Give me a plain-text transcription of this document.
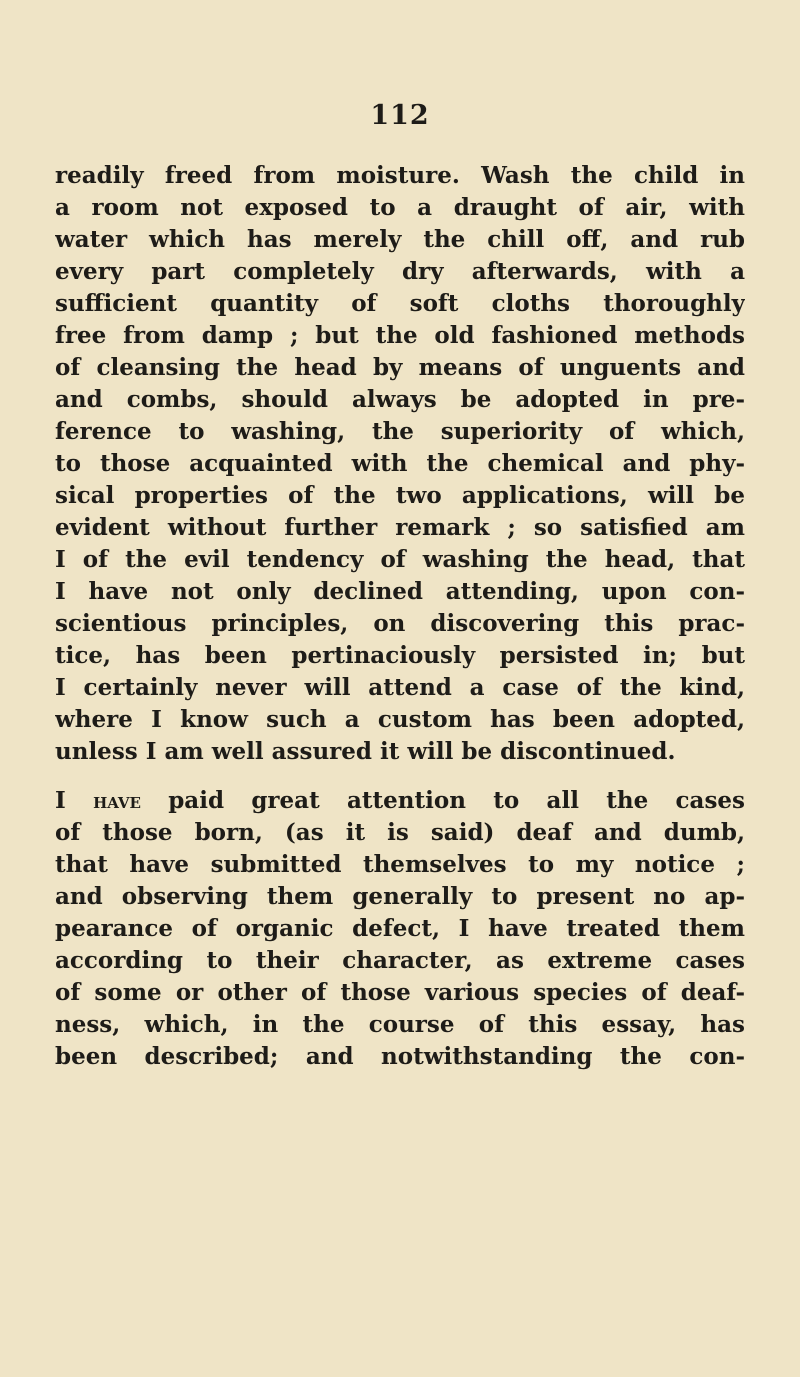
112
readily freed from moisture. Wash the child in
a room not exposed to a draught of air, with
water which has merely the chill off, and rub
every part completely dry afterwards, with a
sufficient quantity of soft cloths thoroughly
free from damp ; but the old fashioned methods
of cleansing the head by means of unguents and
and combs, should always be adopted in pre-
ference to washing, the superiority of which,
to those acquainted with the chemical and phy-
sical properties of the two applications, will be
evident without further remark ; so satisfied am
I of the evil tendency of washing the head, that
I have not only declined attending, upon con-
scientious principles, on discovering this prac-
tice, has been pertinaciously persisted in; but
I certainly never will attend a case of the kind,
where I know such a custom has been adopted,
unless I am well assured it will be discontinued.
I have paid great attention to all the cases
of those born, (as it is said) deaf and dumb,
that have submitted themselves to my notice ;
and observing them generally to present no ap-
pearance of organic defect, I have treated them
according to their character, as extreme cases
of some or other of those various species of deaf-
ness, which, in the course of this essay, has
been described; and notwithstanding the con-
